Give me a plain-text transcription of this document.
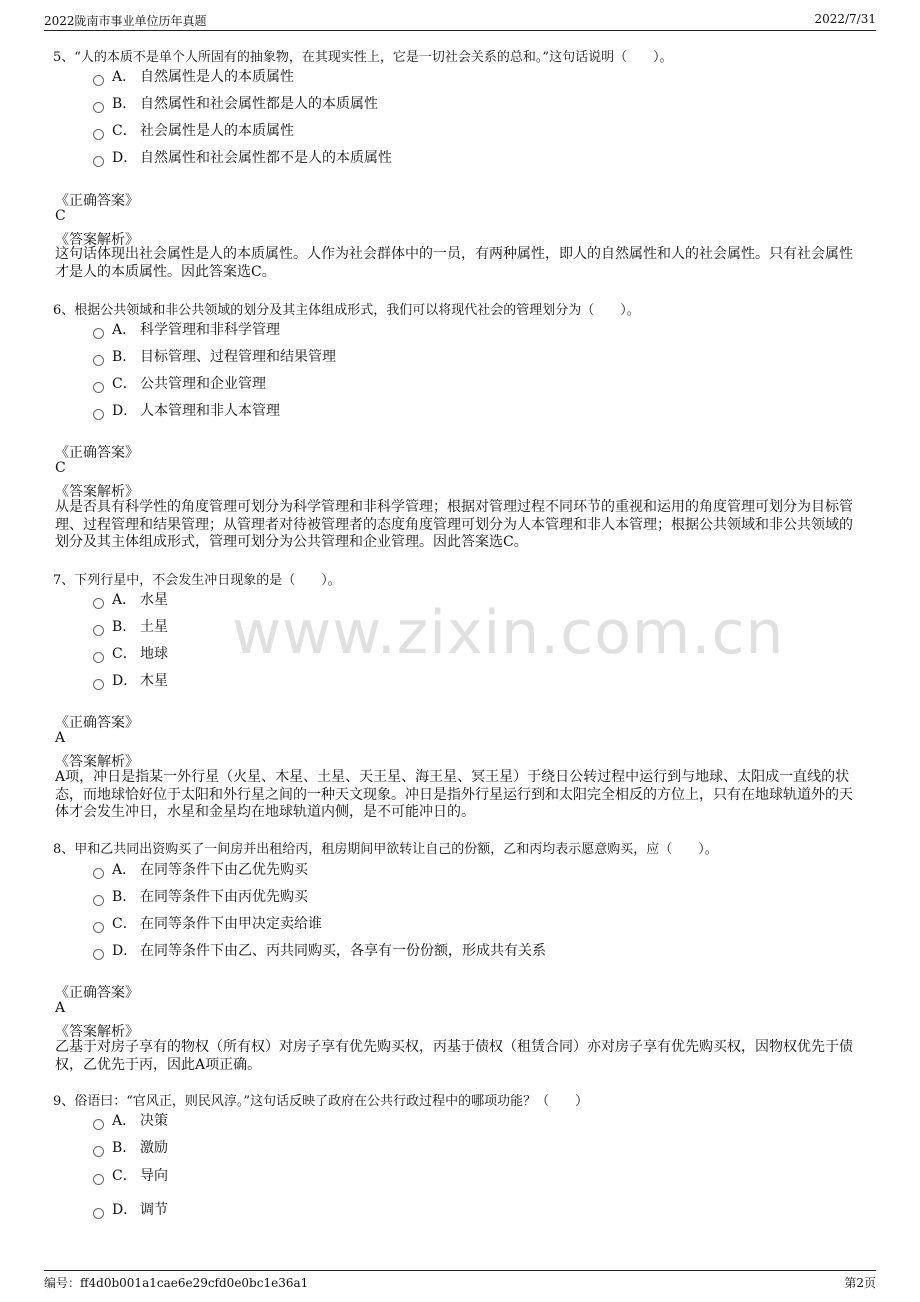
2022陇南市事业单位历年真题	2022/7/31
www.zixin.com.cn
5、“人的本质不是单个人所固有的抽象物，在其现实性上，它是一切社会关系的总和。”这句话说明（　　）。
A． 自然属性是人的本质属性
B． 自然属性和社会属性都是人的本质属性
C． 社会属性是人的本质属性
D． 自然属性和社会属性都不是人的本质属性
《正确答案》
C
《答案解析》
这句话体现出社会属性是人的本质属性。人作为社会群体中的一员，有两种属性，即人的自然属性和人的社会属性。只有社会属性才是人的本质属性。因此答案选C。
6、根据公共领域和非公共领域的划分及其主体组成形式，我们可以将现代社会的管理划分为（　　）。
A． 科学管理和非科学管理
B． 目标管理、过程管理和结果管理
C． 公共管理和企业管理
D． 人本管理和非人本管理
《正确答案》
C
《答案解析》
从是否具有科学性的角度管理可划分为科学管理和非科学管理；根据对管理过程不同环节的重视和运用的角度管理可划分为目标管理、过程管理和结果管理；从管理者对待被管理者的态度角度管理可划分为人本管理和非人本管理；根据公共领域和非公共领域的划分及其主体组成形式，管理可划分为公共管理和企业管理。因此答案选C。
7、下列行星中，不会发生冲日现象的是（　　）。
A． 水星
B． 土星
C． 地球
D． 木星
《正确答案》
A
《答案解析》
A项，冲日是指某一外行星（火星、木星、土星、天王星、海王星、冥王星）于绕日公转过程中运行到与地球、太阳成一直线的状态，而地球恰好位于太阳和外行星之间的一种天文现象。冲日是指外行星运行到和太阳完全相反的方位上，只有在地球轨道外的天体才会发生冲日，水星和金星均在地球轨道内侧，是不可能冲日的。
8、甲和乙共同出资购买了一间房并出租给丙，租房期间甲欲转让自己的份额，乙和丙均表示愿意购买，应（　　）。
A． 在同等条件下由乙优先购买
B． 在同等条件下由丙优先购买
C． 在同等条件下由甲决定卖给谁
D． 在同等条件下由乙、丙共同购买，各享有一份份额，形成共有关系
《正确答案》
A
《答案解析》
乙基于对房子享有的物权（所有权）对房子享有优先购买权，丙基于债权（租赁合同）亦对房子享有优先购买权，因物权优先于债权，乙优先于丙，因此A项正确。
9、俗语曰：“官风正，则民风淳。”这句话反映了政府在公共行政过程中的哪项功能？（　　）
A． 决策
B． 激励
C． 导向
D． 调节
编号：ff4d0b001a1cae6e29cfd0e0bc1e36a1	第2页
